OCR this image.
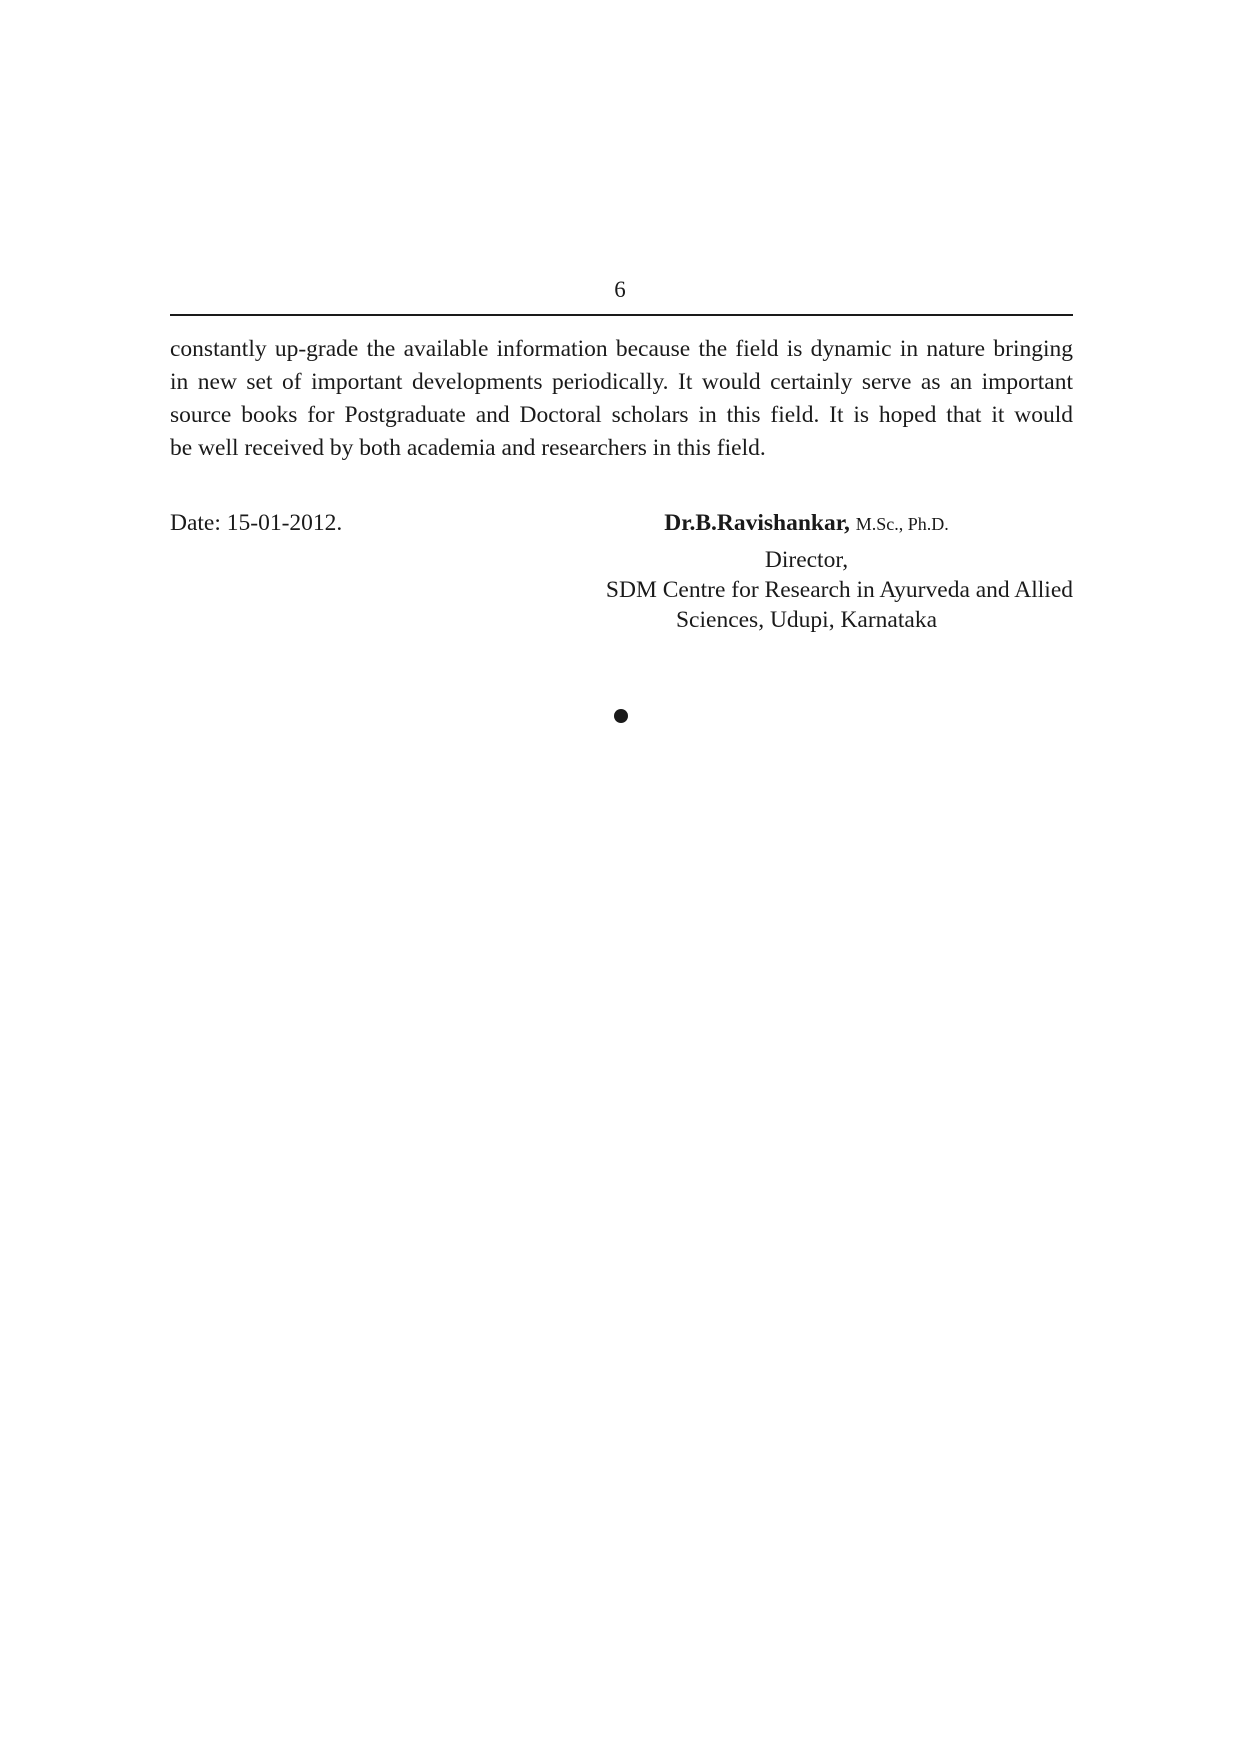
6
constantly up-grade the available information because the field is dynamic in nature bringing
in new set of important developments periodically. It would certainly serve as an important
source books for Postgraduate and Doctoral scholars in this field. It is hoped that it would
be well received by both academia and researchers in this field.
Date: 15-01-2012.	Dr.B.Ravishankar, M.Sc., Ph.D.
Director,
SDM Centre for Research in Ayurveda and Allied
Sciences, Udupi, Karnataka
